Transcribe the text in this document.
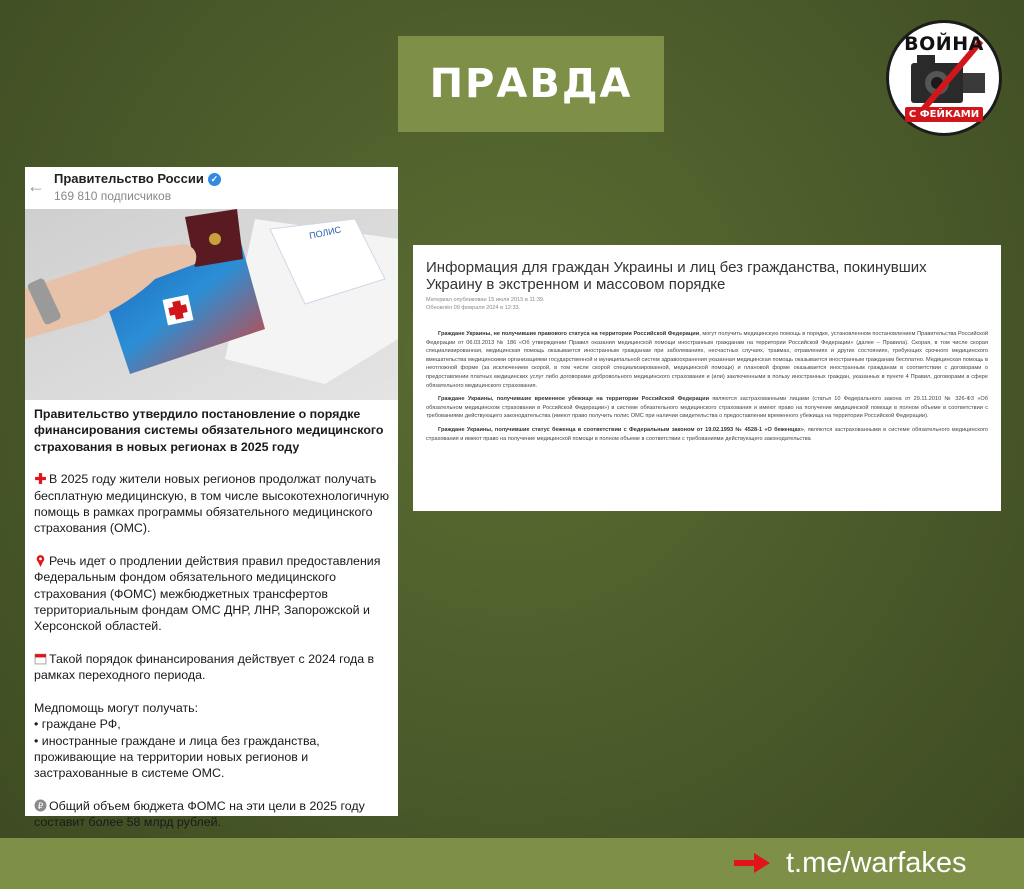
ПРАВДА
ВОЙНА
С ФЕЙКАМИ
← Правительство России ✓
169 810 подписчиков
ПОЛИС

Правительство утвердило постановление о порядке финансирования системы обязательного медицинского страхования в новых регионах в 2025 году

В 2025 году жители новых регионов продолжат получать бесплатную медицинскую, в том числе высокотехнологичную помощь в рамках программы обязательного медицинского страхования (ОМС).

Речь идет о продлении действия правил предоставления Федеральным фондом обязательного медицинского страхования (ФОМС) межбюджетных трансфертов территориальным фондам ОМС ДНР, ЛНР, Запорожской и Херсонской областей.

Такой порядок финансирования действует с 2024 года в рамках переходного периода.

Медпомощь могут получать:
• граждане РФ,
• иностранные граждане и лица без гражданства, проживающие на территории новых регионов и застрахованные в системе ОМС.

₽ Общий объем бюджета ФОМС на эти цели в 2025 году составит более 58 млрд рублей.

Информация для граждан Украины и лиц без гражданства, покинувших Украину в экстренном и массовом порядке
Материал опубликован 15 июля 2015 в 11:39.
Обновлён 09 февраля 2024 в 12:33.

Граждане Украины, не получившие правового статуса на территории Российской Федерации, могут получить медицинскую помощь в порядке, установленном постановлением Правительства Российской Федерации от 06.03.2013 № 186 «Об утверждении Правил оказания медицинской помощи иностранным гражданам на территории Российской Федерации» (далее – Правила). Скорая, в том числе скорая специализированная, медицинская помощь оказывается иностранным гражданам при заболеваниях, несчастных случаях, травмах, отравлениях и других состояниях, требующих срочного медицинского вмешательства медицинскими организациями государственной и муниципальной систем здравоохранения указанная медицинская помощь оказывается иностранным гражданам бесплатно. Медицинская помощь в неотложной форме (за исключением скорой, в том числе скорой специализированной, медицинской помощи) и плановой форме оказывается иностранным гражданам в соответствии с договорами о предоставлении платных медицинских услуг либо договорами добровольного медицинского страхования и (или) заключенными в пользу иностранных граждан, указанных в пункте 4 Правил, договорами в сфере обязательного медицинского страхования.

Граждане Украины, получившие временное убежище на территории Российской Федерации являются застрахованными лицами (статья 10 Федерального закона от 29.11.2010 № 326-ФЗ «Об обязательном медицинском страховании в Российской Федерации») в системе обязательного медицинского страхования и имеют право на получение медицинской помощи в полном объеме в соответствии с требованиями действующего законодательства (имеют право получить полис ОМС при наличии свидетельства о предоставлении временного убежища на территории Российской Федерации).

Граждане Украины, получившие статус беженца в соответствии с Федеральным законом от 19.02.1993 № 4528-1 «О беженцах», являются застрахованными в системе обязательного медицинского страхования и имеют право на получение медицинской помощи в полном объеме в соответствии с требованиями действующего законодательства

t.me/warfakes
